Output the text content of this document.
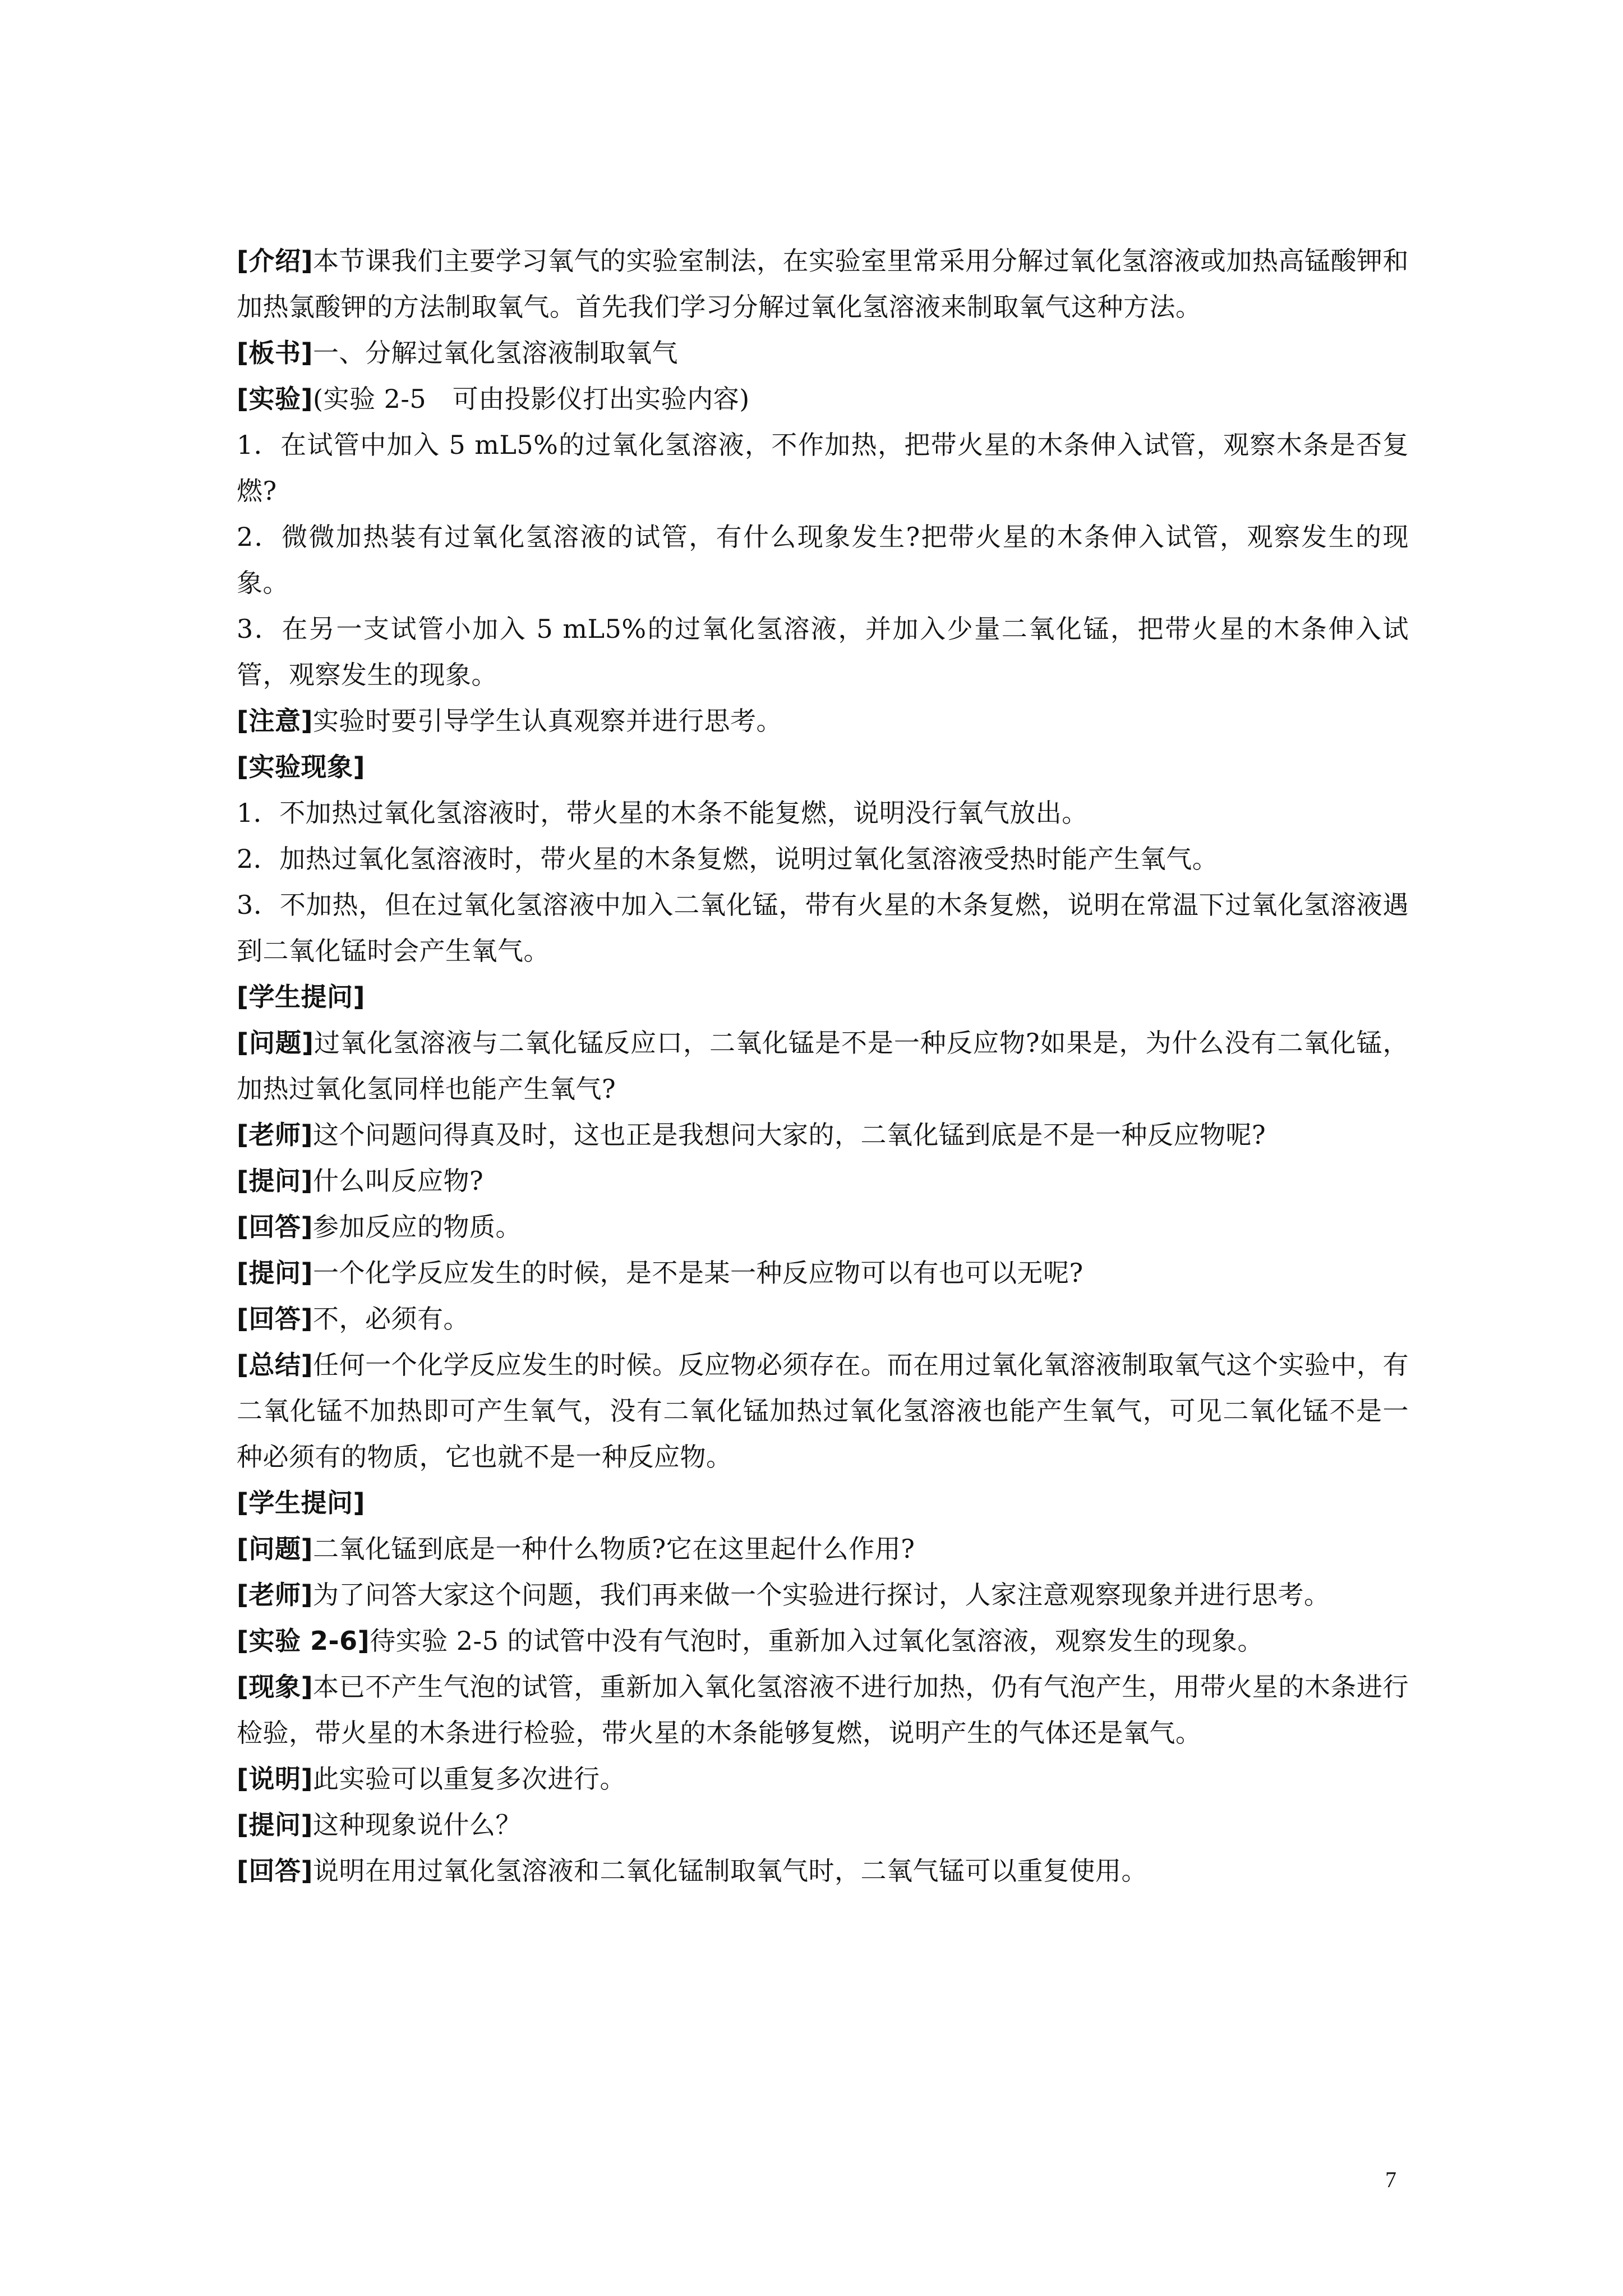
[介绍]本节课我们主要学习氧气的实验室制法，在实验室里常采用分解过氧化氢溶液或加热高锰酸钾和加热氯酸钾的方法制取氧气。首先我们学习分解过氧化氢溶液来制取氧气这种方法。

[板书]一、分解过氧化氢溶液制取氧气

[实验](实验 2-5　可由投影仪打出实验内容)

1．在试管中加入 5 mL5%的过氧化氢溶液，不作加热，把带火星的木条伸入试管，观察木条是否复燃?

2．微微加热装有过氧化氢溶液的试管，有什么现象发生?把带火星的木条伸入试管，观察发生的现象。

3．在另一支试管小加入 5 mL5%的过氧化氢溶液，并加入少量二氧化锰，把带火星的木条伸入试管，观察发生的现象。

[注意]实验时要引导学生认真观察并进行思考。

[实验现象]

1．不加热过氧化氢溶液时，带火星的木条不能复燃，说明没行氧气放出。

2．加热过氧化氢溶液时，带火星的木条复燃，说明过氧化氢溶液受热时能产生氧气。

3．不加热，但在过氧化氢溶液中加入二氧化锰，带有火星的木条复燃，说明在常温下过氧化氢溶液遇到二氧化锰时会产生氧气。

[学生提问]

[问题]过氧化氢溶液与二氧化锰反应口，二氧化锰是不是一种反应物?如果是，为什么没有二氧化锰，加热过氧化氢同样也能产生氧气?

[老师]这个问题问得真及时，这也正是我想问大家的，二氧化锰到底是不是一种反应物呢?

[提问]什么叫反应物?

[回答]参加反应的物质。

[提问]一个化学反应发生的时候，是不是某一种反应物可以有也可以无呢?

[回答]不，必须有。

[总结]任何一个化学反应发生的时候。反应物必须存在。而在用过氧化氧溶液制取氧气这个实验中，有二氧化锰不加热即可产生氧气，没有二氧化锰加热过氧化氢溶液也能产生氧气，可见二氧化锰不是一种必须有的物质，它也就不是一种反应物。

[学生提问]

[问题]二氧化锰到底是一种什么物质?它在这里起什么作用?

[老师]为了问答大家这个问题，我们再来做一个实验进行探讨，人家注意观察现象并进行思考。

[实验 2-6]待实验 2-5 的试管中没有气泡时，重新加入过氧化氢溶液，观察发生的现象。

[现象]本已不产生气泡的试管，重新加入氧化氢溶液不进行加热，仍有气泡产生，用带火星的木条进行检验，带火星的木条进行检验，带火星的木条能够复燃，说明产生的气体还是氧气。

[说明]此实验可以重复多次进行。

[提问]这种现象说什么？

[回答]说明在用过氧化氢溶液和二氧化锰制取氧气时，二氧气锰可以重复使用。

7
